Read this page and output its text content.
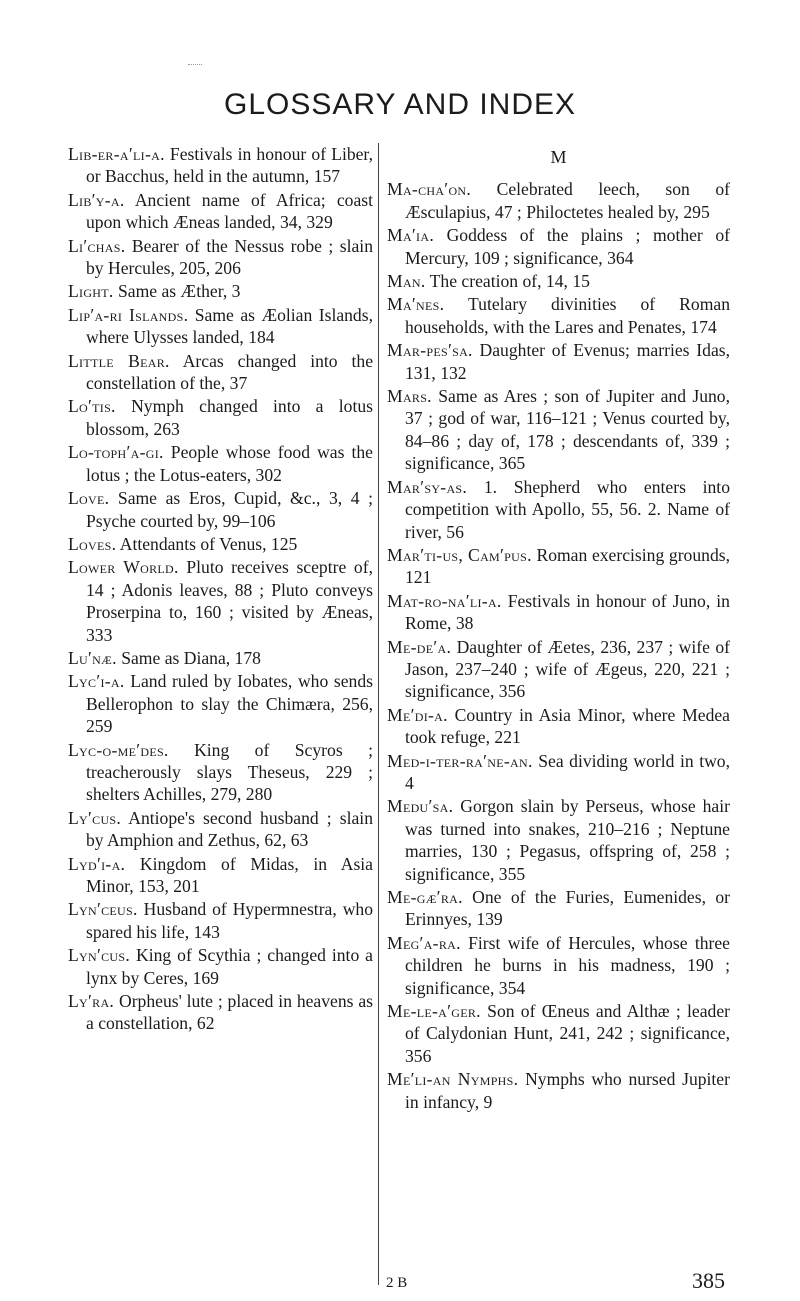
GLOSSARY AND INDEX

Lib-er-a′li-a. Festivals in honour of Liber, or Bacchus, held in the autumn, 157

Lib′y-a. Ancient name of Africa; coast upon which Æneas landed, 34, 329

Li′chas. Bearer of the Nessus robe ; slain by Hercules, 205, 206

Light. Same as Æther, 3

Lip′a-ri Islands. Same as Æolian Islands, where Ulysses landed, 184

Little Bear. Arcas changed into the constellation of the, 37

Lo′tis. Nymph changed into a lotus blossom, 263

Lo-toph′a-gi. People whose food was the lotus ; the Lotus-eaters, 302

Love. Same as Eros, Cupid, &c., 3, 4 ; Psyche courted by, 99–106

Loves. Attendants of Venus, 125

Lower World. Pluto receives sceptre of, 14 ; Adonis leaves, 88 ; Pluto conveys Proserpina to, 160 ; visited by Æneas, 333

Lu′næ. Same as Diana, 178

Lyc′i-a. Land ruled by Iobates, who sends Bellerophon to slay the Chimæra, 256, 259

Lyc-o-me′des. King of Scyros ; treacherously slays Theseus, 229 ; shelters Achilles, 279, 280

Ly′cus. Antiope's second husband ; slain by Amphion and Zethus, 62, 63

Lyd′i-a. Kingdom of Midas, in Asia Minor, 153, 201

Lyn′ceus. Husband of Hypermnestra, who spared his life, 143

Lyn′cus. King of Scythia ; changed into a lynx by Ceres, 169

Ly′ra. Orpheus' lute ; placed in heavens as a constellation, 62

M

Ma-cha′on. Celebrated leech, son of Æsculapius, 47 ; Philoctetes healed by, 295

Ma′ia. Goddess of the plains ; mother of Mercury, 109 ; significance, 364

Man. The creation of, 14, 15

Ma′nes. Tutelary divinities of Roman households, with the Lares and Penates, 174

Mar-pes′sa. Daughter of Evenus; marries Idas, 131, 132

Mars. Same as Ares ; son of Jupiter and Juno, 37 ; god of war, 116–121 ; Venus courted by, 84–86 ; day of, 178 ; descendants of, 339 ; significance, 365

Mar′sy-as. 1. Shepherd who enters into competition with Apollo, 55, 56. 2. Name of river, 56

Mar′ti-us, Cam′pus. Roman exercising grounds, 121

Mat-ro-na′li-a. Festivals in honour of Juno, in Rome, 38

Me-de′a. Daughter of Æetes, 236, 237 ; wife of Jason, 237–240 ; wife of Ægeus, 220, 221 ; significance, 356

Me′di-a. Country in Asia Minor, where Medea took refuge, 221

Med-i-ter-ra′ne-an. Sea dividing world in two, 4

Medu′sa. Gorgon slain by Perseus, whose hair was turned into snakes, 210–216 ; Neptune marries, 130 ; Pegasus, offspring of, 258 ; significance, 355

Me-gæ′ra. One of the Furies, Eumenides, or Erinnyes, 139

Meg′a-ra. First wife of Hercules, whose three children he burns in his madness, 190 ; significance, 354

Me-le-a′ger. Son of Œneus and Althæ ; leader of Calydonian Hunt, 241, 242 ; significance, 356

Me′li-an Nymphs. Nymphs who nursed Jupiter in infancy, 9

2 B	385
